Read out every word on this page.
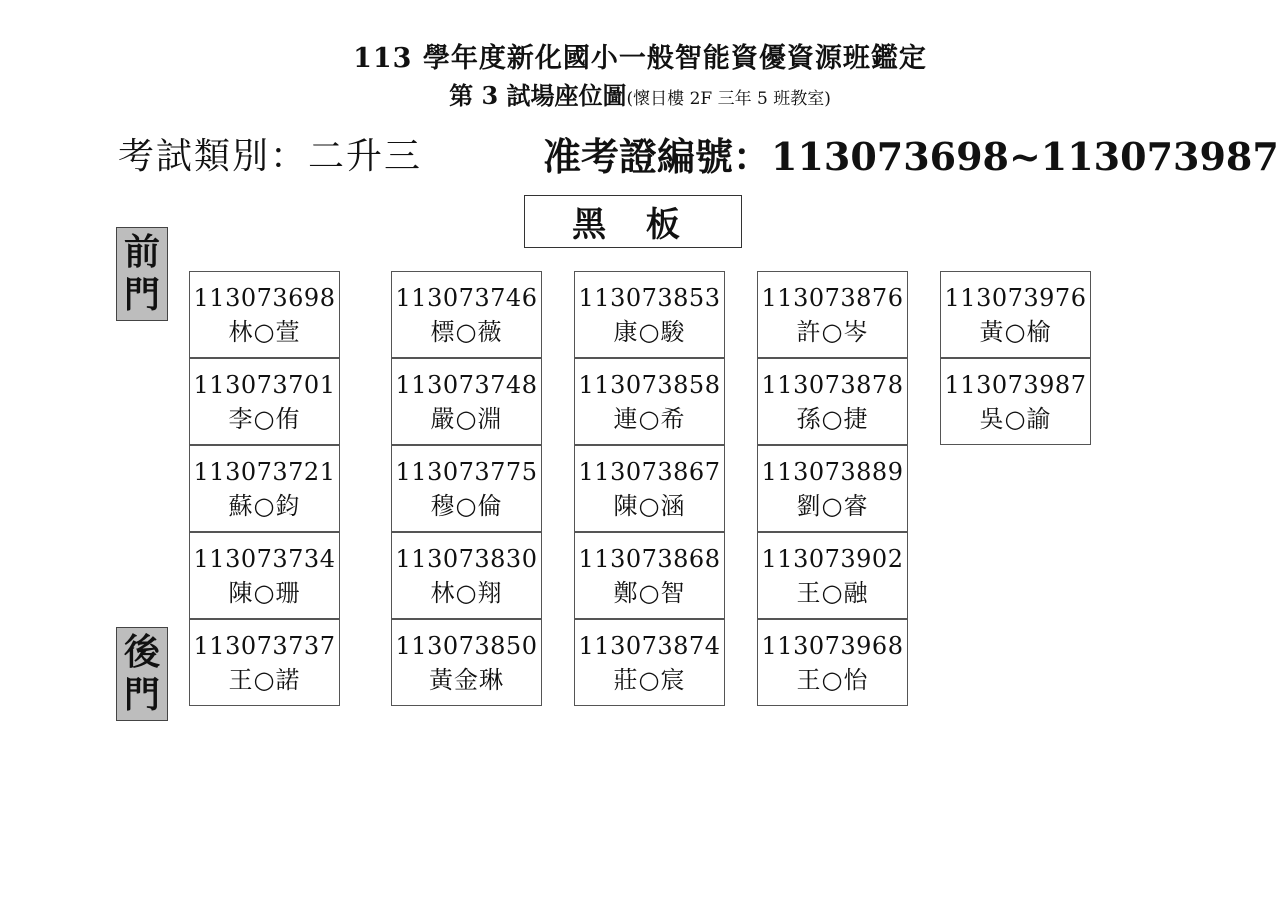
113 學年度新化國小一般智能資優資源班鑑定
第 3 試場座位圖(懷日樓 2F 三年 5 班教室)
考試類別：二升三	准考證編號：113073698~113073987
黑 板
前
門
後
門
113073698
林○萱
113073701
李○侑
113073721
蘇○鈞
113073734
陳○珊
113073737
王○諾
113073746
標○薇
113073748
嚴○淵
113073775
穆○倫
113073830
林○翔
113073850
黃金琳
113073853
康○駿
113073858
連○希
113073867
陳○涵
113073868
鄭○智
113073874
莊○宸
113073876
許○岑
113073878
孫○捷
113073889
劉○睿
113073902
王○融
113073968
王○怡
113073976
黃○榆
113073987
吳○諭
